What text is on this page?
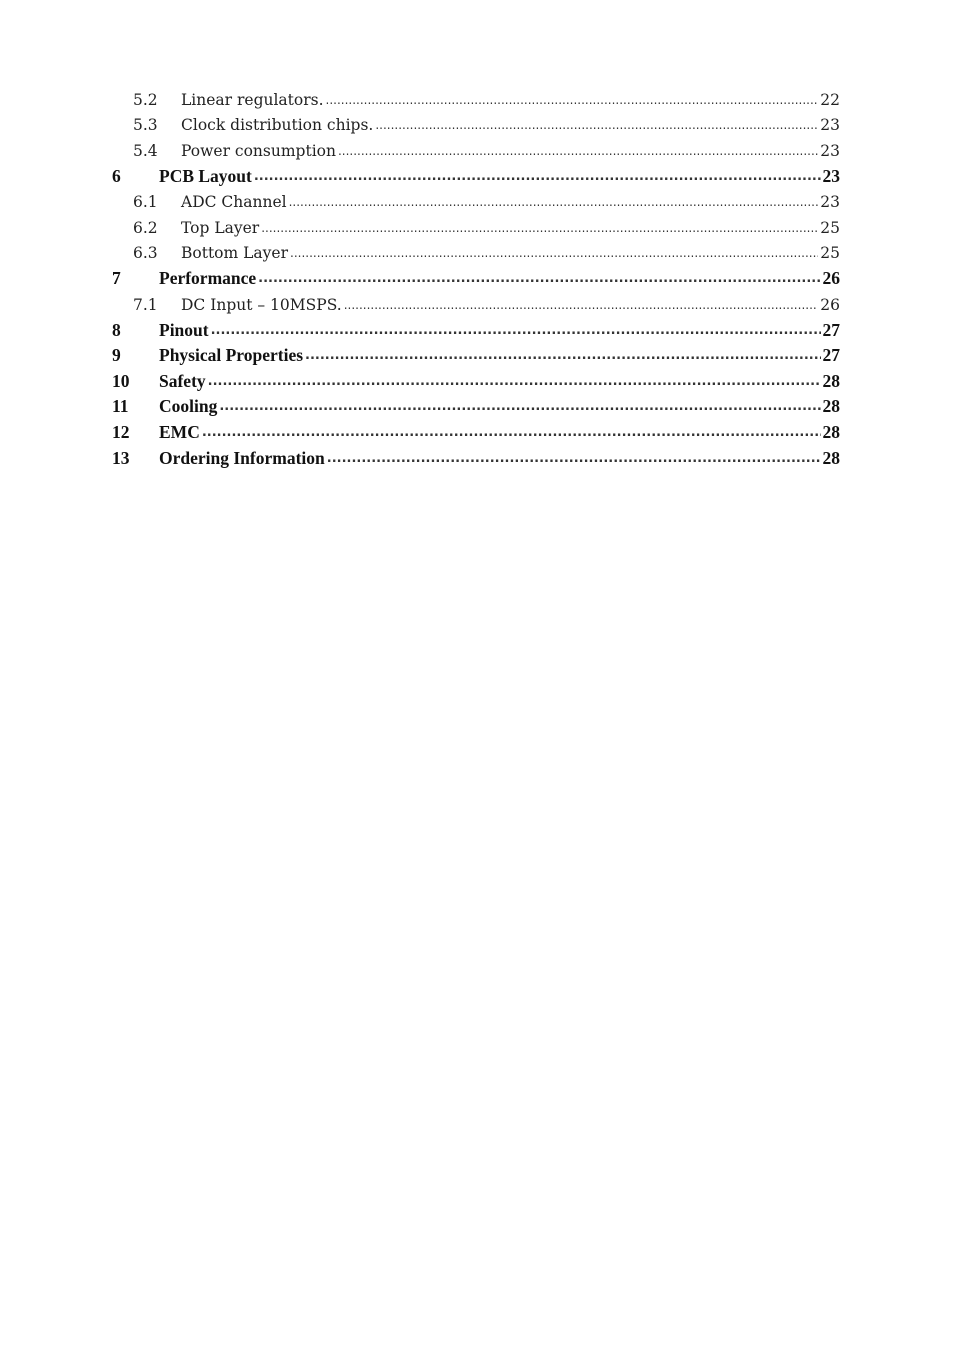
5.2	Linear regulators. .....	22
5.3	Clock distribution chips. .....	23
5.4	Power consumption .....	23
6	PCB Layout .....	23
6.1	ADC Channel .....	23
6.2	Top Layer .....	25
6.3	Bottom Layer .....	25
7	Performance .....	26
7.1	DC Input – 10MSPS. .....	26
8	Pinout .....	27
9	Physical Properties .....	27
10	Safety .....	28
11	Cooling .....	28
12	EMC .....	28
13	Ordering Information .....	28
